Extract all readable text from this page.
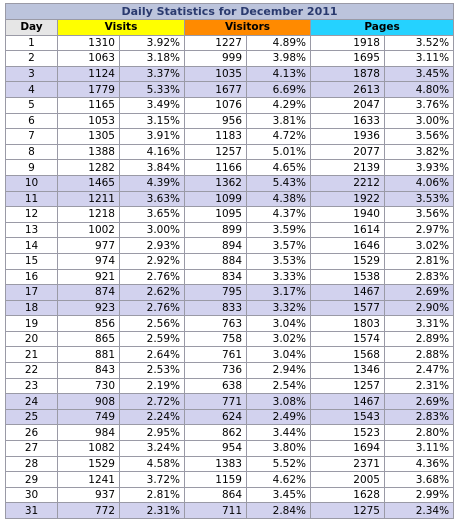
Daily Statistics for December 2011						
Day	Visits		Visitors		Pages	
1	1310	3.92%	1227	4.89%	1918	3.52%
2	1063	3.18%	999	3.98%	1695	3.11%
3	1124	3.37%	1035	4.13%	1878	3.45%
4	1779	5.33%	1677	6.69%	2613	4.80%
5	1165	3.49%	1076	4.29%	2047	3.76%
6	1053	3.15%	956	3.81%	1633	3.00%
7	1305	3.91%	1183	4.72%	1936	3.56%
8	1388	4.16%	1257	5.01%	2077	3.82%
9	1282	3.84%	1166	4.65%	2139	3.93%
10	1465	4.39%	1362	5.43%	2212	4.06%
11	1211	3.63%	1099	4.38%	1922	3.53%
12	1218	3.65%	1095	4.37%	1940	3.56%
13	1002	3.00%	899	3.59%	1614	2.97%
14	977	2.93%	894	3.57%	1646	3.02%
15	974	2.92%	884	3.53%	1529	2.81%
16	921	2.76%	834	3.33%	1538	2.83%
17	874	2.62%	795	3.17%	1467	2.69%
18	923	2.76%	833	3.32%	1577	2.90%
19	856	2.56%	763	3.04%	1803	3.31%
20	865	2.59%	758	3.02%	1574	2.89%
21	881	2.64%	761	3.04%	1568	2.88%
22	843	2.53%	736	2.94%	1346	2.47%
23	730	2.19%	638	2.54%	1257	2.31%
24	908	2.72%	771	3.08%	1467	2.69%
25	749	2.24%	624	2.49%	1543	2.83%
26	984	2.95%	862	3.44%	1523	2.80%
27	1082	3.24%	954	3.80%	1694	3.11%
28	1529	4.58%	1383	5.52%	2371	4.36%
29	1241	3.72%	1159	4.62%	2005	3.68%
30	937	2.81%	864	3.45%	1628	2.99%
31	772	2.31%	711	2.84%	1275	2.34%
